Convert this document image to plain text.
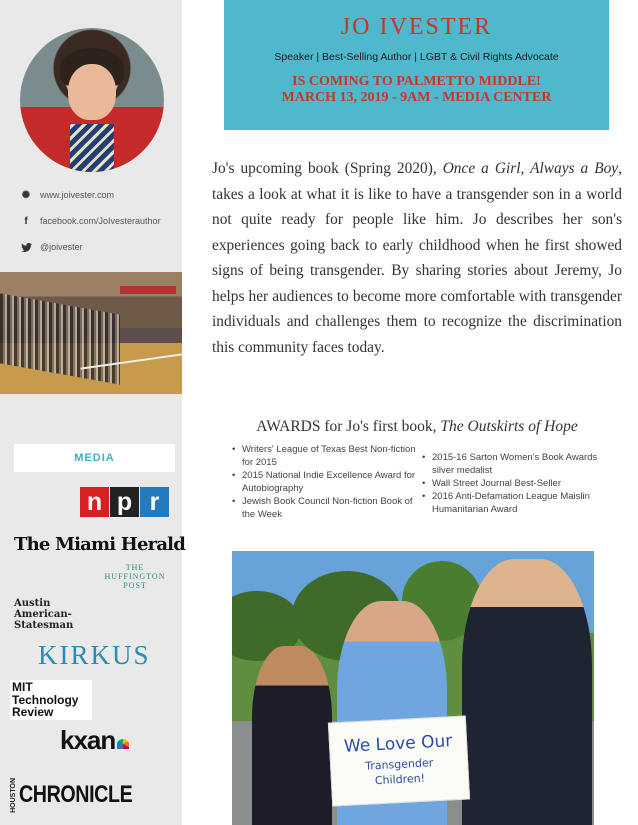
✺ www.joivester.com
f	facebook.com/JoIvesterauthor
@joivester
MEDIA
n p r
The Miami Herald
THE
HUFFINGTON
POST
Austin
American-
Statesman
KIRKUS
MIT
Technology
Review
kxan
HOUSTON CHRONICLE
JO IVESTER
Speaker | Best-Selling Author | LGBT & Civil Rights Advocate
IS COMING TO PALMETTO MIDDLE!
MARCH 13, 2019 - 9AM - MEDIA CENTER
Jo's upcoming book (Spring 2020), Once a Girl, Always a Boy, takes a look at what it is like to have a transgender son in a world not quite ready for people like him. Jo describes her son's experiences going back to early childhood when he first showed signs of being transgender. By sharing stories about Jeremy, Jo helps her audiences to become more comfortable with transgender individuals and challenges them to recognize the discrimination this community faces today.
AWARDS for Jo's first book, The Outskirts of Hope
• Writers' League of Texas Best Non-fiction for 2015
• 2015 National Indie Excellence Award for Autobiography
• Jewish Book Council Non-fiction Book of the Week
• 2015-16 Sarton Women's Book Awards silver medalist
• Wall Street Journal Best-Seller
• 2016 Anti-Defamation League Maislin Humanitarian Award
We Love Our
Transgender
Children!
